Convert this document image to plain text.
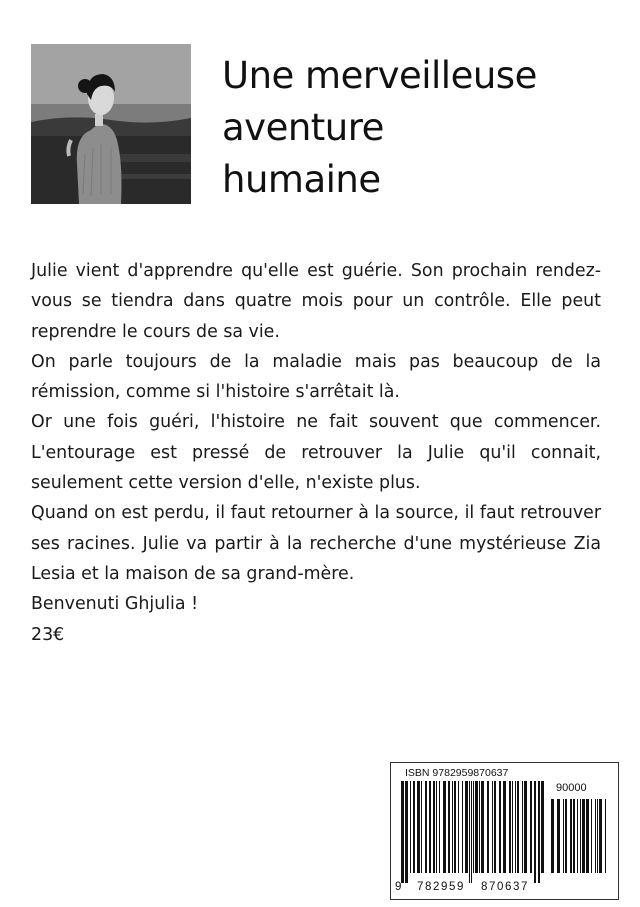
Une merveilleuse
aventure
humaine

Julie vient d'apprendre qu'elle est guérie. Son prochain rendez-vous se tiendra dans quatre mois pour un contrôle. Elle peut reprendre le cours de sa vie.

On parle toujours de la maladie mais pas beaucoup de la rémission, comme si l'histoire s'arrêtait là.

Or une fois guéri, l'histoire ne fait souvent que commencer. L'entourage est pressé de retrouver la Julie qu'il connait, seulement cette version d'elle, n'existe plus.

Quand on est perdu, il faut retourner à la source, il faut retrouver ses racines. Julie va partir à la recherche d'une mystérieuse Zia Lesia et la maison de sa grand-mère.

Benvenuti Ghjulia !

23€

ISBN 9782959870637
9 782959 870637
90000
